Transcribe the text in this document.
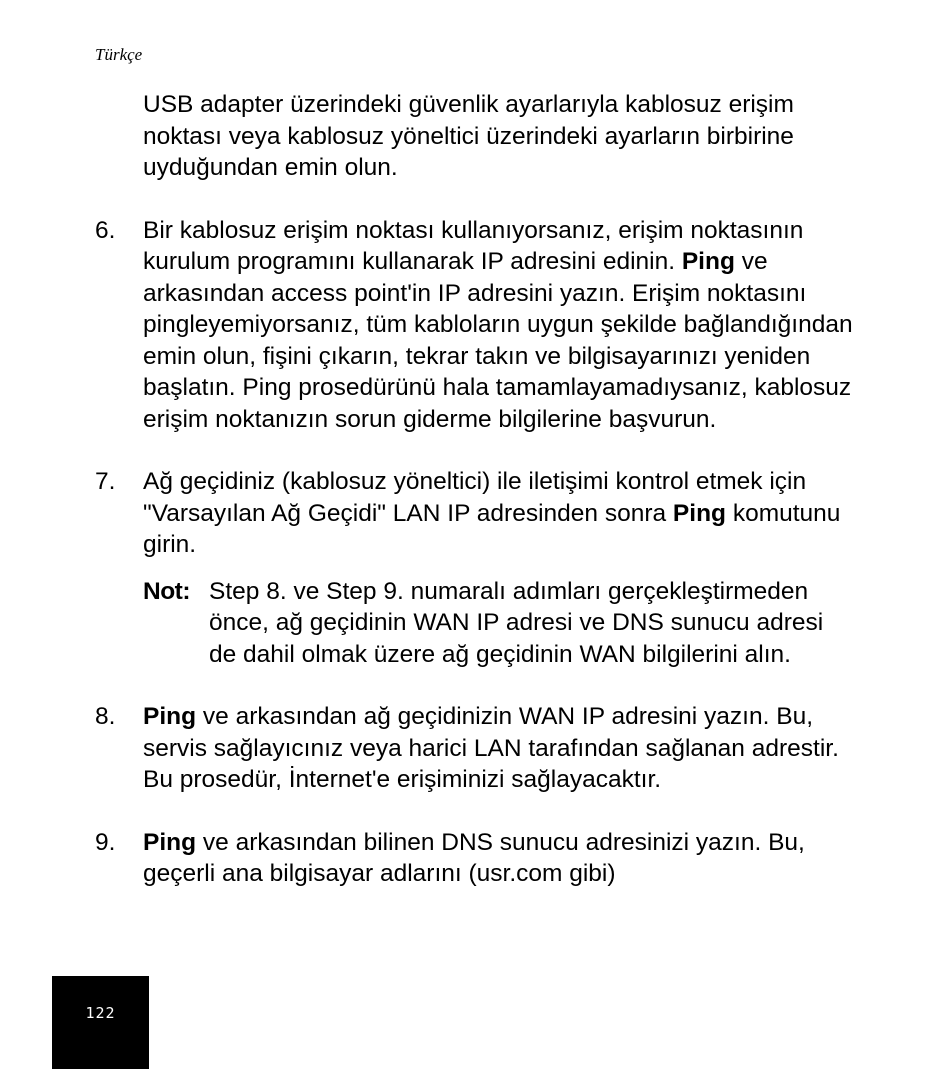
Türkçe

USB adapter üzerindeki güvenlik ayarlarıyla kablosuz erişim noktası veya kablosuz yöneltici üzerindeki ayarların birbirine uyduğundan emin olun.

6. Bir kablosuz erişim noktası kullanıyorsanız, erişim noktasının kurulum programını kullanarak IP adresini edinin. Ping ve arkasından access point'in IP adresini yazın. Erişim noktasını pingleyemiyorsanız, tüm kabloların uygun şekilde bağlandığından emin olun, fişini çıkarın, tekrar takın ve bilgisayarınızı yeniden başlatın. Ping prosedürünü hala tamamlayamadıysanız, kablosuz erişim noktanızın sorun giderme bilgilerine başvurun.
7. Ağ geçidiniz (kablosuz yöneltici) ile iletişimi kontrol etmek için "Varsayılan Ağ Geçidi" LAN IP adresinden sonra Ping komutunu girin.
Not: Step 8. ve Step 9. numaralı adımları gerçekleştirmeden önce, ağ geçidinin WAN IP adresi ve DNS sunucu adresi de dahil olmak üzere ağ geçidinin WAN bilgilerini alın.
8. Ping ve arkasından ağ geçidinizin WAN IP adresini yazın. Bu, servis sağlayıcınız veya harici LAN tarafından sağlanan adrestir. Bu prosedür, İnternet'e erişiminizi sağlayacaktır.
9. Ping ve arkasından bilinen DNS sunucu adresinizi yazın. Bu, geçerli ana bilgisayar adlarını (usr.com gibi)
122
